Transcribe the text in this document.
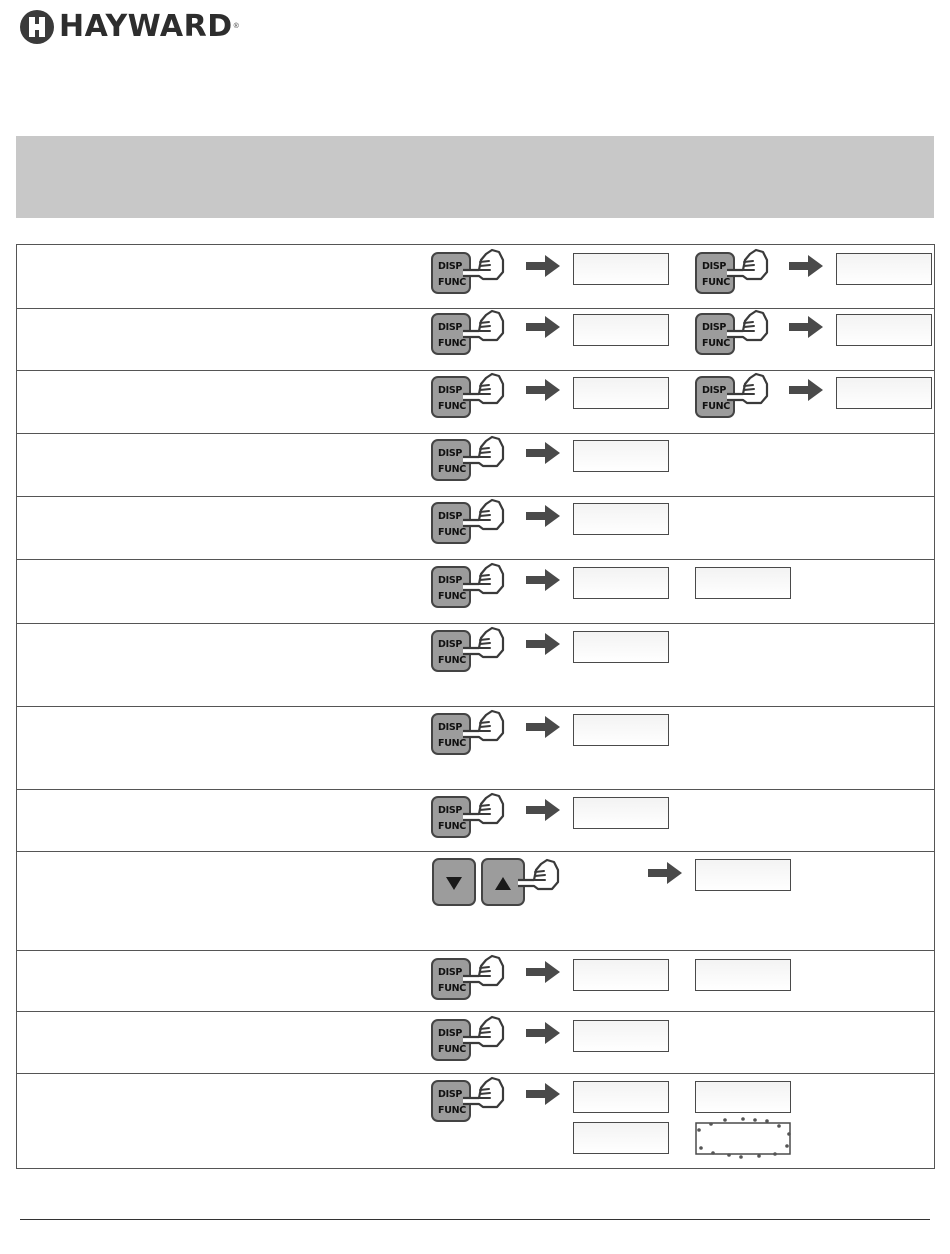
HAYWARD ®
DISP
FUNC
DISP
FUNC
DISP
FUNC
DISP
FUNC
DISP
FUNC
DISP
FUNC
DISP
FUNC
DISP
FUNC
DISP
FUNC
DISP
FUNC
DISP
FUNC
DISP
FUNC
DISP
FUNC
DISP
FUNC
DISP
FUNC
